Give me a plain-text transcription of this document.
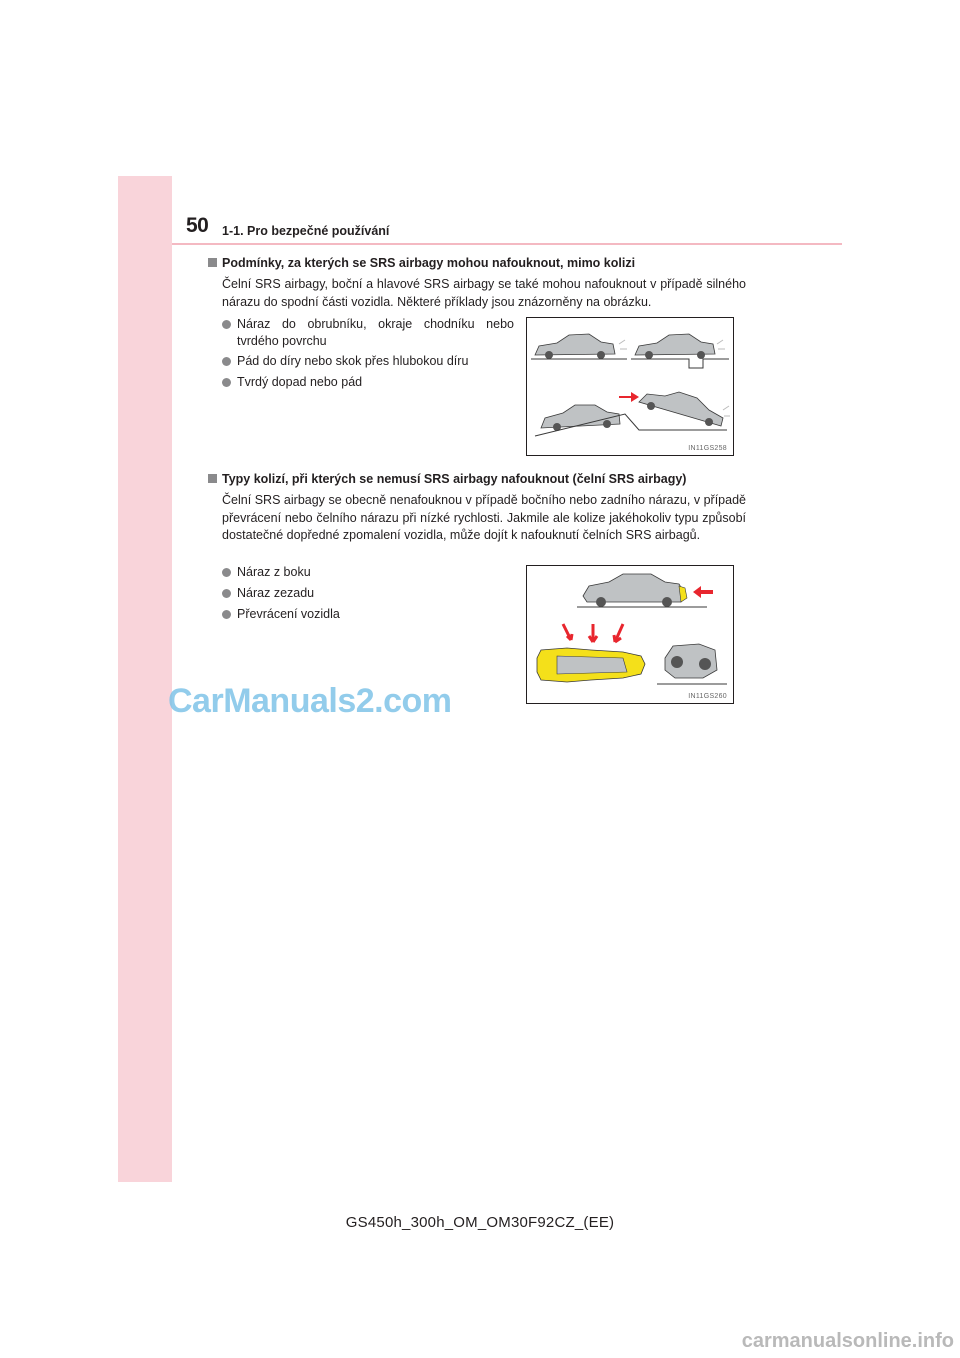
50 1-1. Pro bezpečné používání
Podmínky, za kterých se SRS airbagy mohou nafouknout, mimo kolizi

Čelní SRS airbagy, boční a hlavové SRS airbagy se také mohou nafouknout v případě silného nárazu do spodní části vozidla. Některé příklady jsou znázorněny na obrázku.

Náraz do obrubníku, okraje chodníku nebo tvrdého povrchu
Pád do díry nebo skok přes hlubokou díru
Tvrdý dopad nebo pád
IN11GS258
Typy kolizí, při kterých se nemusí SRS airbagy nafouknout (čelní SRS airbagy)

Čelní SRS airbagy se obecně nenafouknou v případě bočního nebo zadního nárazu, v případě převrácení nebo čelního nárazu při nízké rychlosti. Jakmile ale kolize jakéhokoliv typu způsobí dostatečné dopředné zpomalení vozidla, může dojít k nafouknutí čelních SRS airbagů.

Náraz z boku
Náraz zezadu
Převrácení vozidla
IN11GS260
CarManuals2.com
GS450h_300h_OM_OM30F92CZ_(EE)
carmanualsonline.info
